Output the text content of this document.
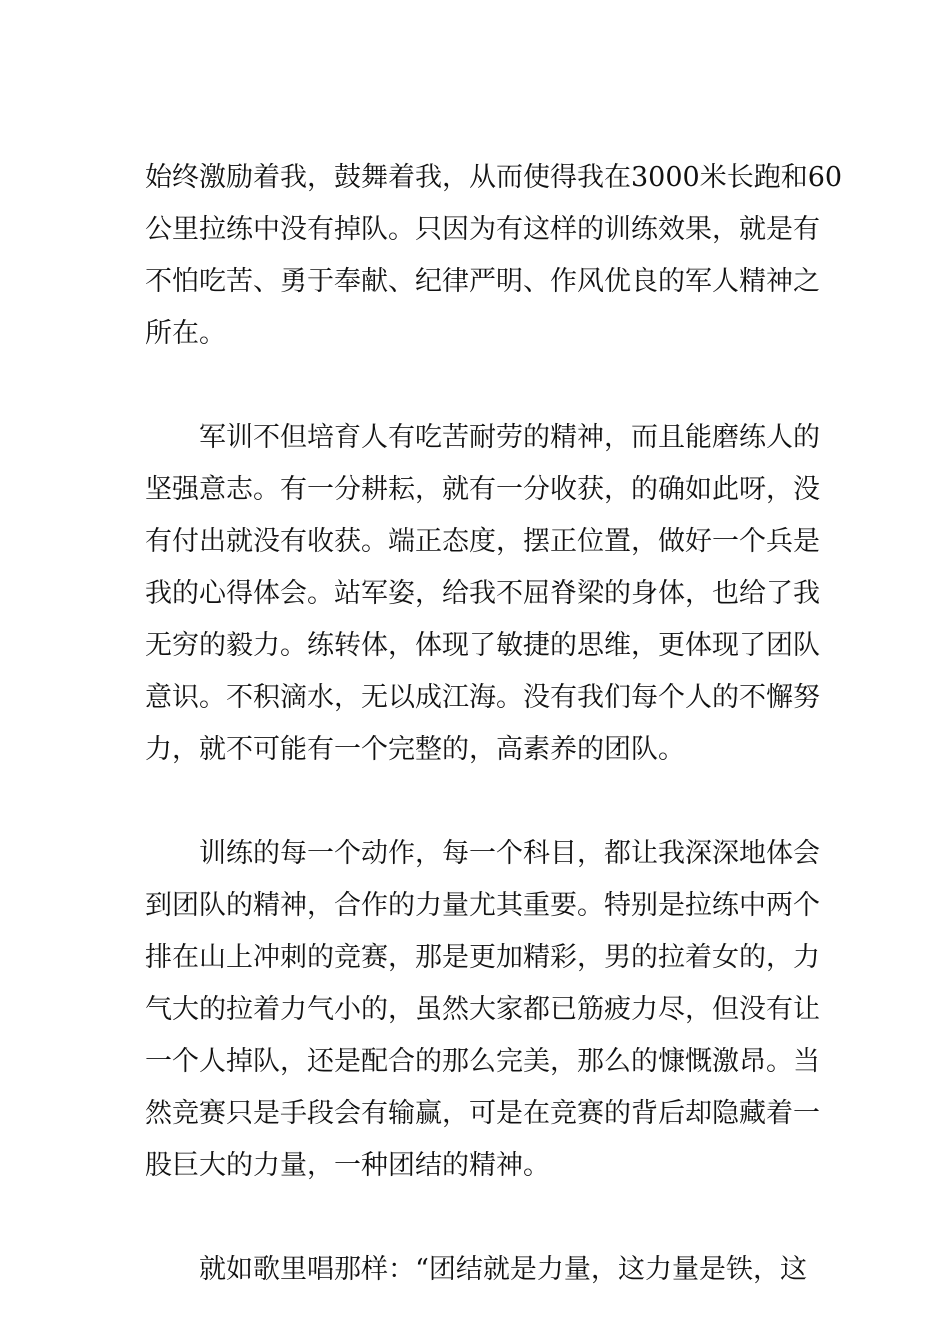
始终激励着我，鼓舞着我，从而使得我在3000米长跑和60
公里拉练中没有掉队。只因为有这样的训练效果，就是有
不怕吃苦、勇于奉献、纪律严明、作风优良的军人精神之
所在。
军训不但培育人有吃苦耐劳的精神，而且能磨练人的
坚强意志。有一分耕耘，就有一分收获，的确如此呀，没
有付出就没有收获。端正态度，摆正位置，做好一个兵是
我的心得体会。站军姿，给我不屈脊梁的身体，也给了我
无穷的毅力。练转体，体现了敏捷的思维，更体现了团队
意识。不积滴水，无以成江海。没有我们每个人的不懈努
力，就不可能有一个完整的，高素养的团队。
训练的每一个动作，每一个科目，都让我深深地体会
到团队的精神，合作的力量尤其重要。特别是拉练中两个
排在山上冲刺的竞赛，那是更加精彩，男的拉着女的，力
气大的拉着力气小的，虽然大家都已筋疲力尽，但没有让
一个人掉队，还是配合的那么完美，那么的慷慨激昂。当
然竞赛只是手段会有输赢，可是在竞赛的背后却隐藏着一
股巨大的力量，一种团结的精神。
就如歌里唱那样：“团结就是力量，这力量是铁，这
